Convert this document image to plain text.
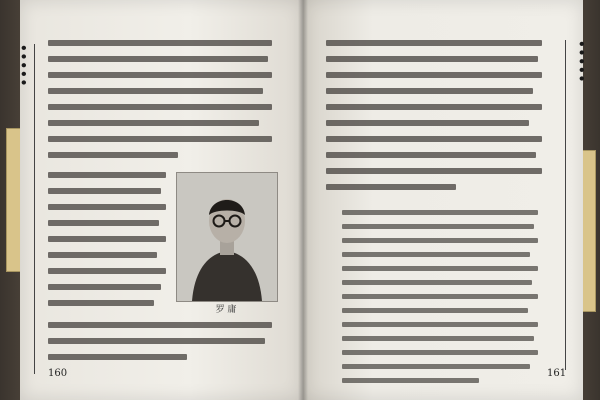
•••••	•••••
罗 庸
160	161
